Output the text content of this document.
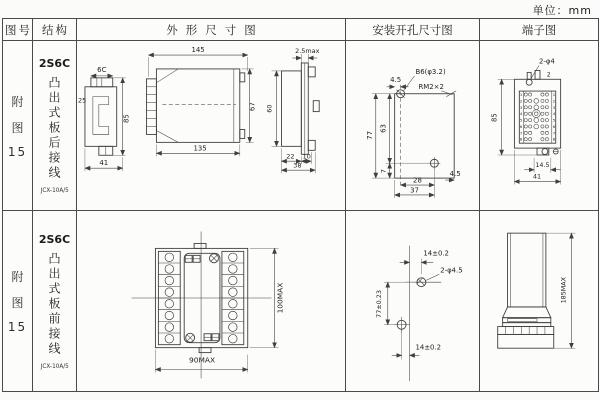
单位：mm
图号 结构	外形尺寸图	安装开孔尺寸图	端子图
附
图
15
2S6C
凸出式板后接线
JCX-10A/5
6C
85
25
41
145
135
67
2.5max
60
22 10
38
4.5
B6(φ3.2)
RM2×2
77
63
7
28
37
4.5
2-φ4
2
1	1
2	2
3	3
4	4
5	5
6	6
7	7
8	8
85
14.5
41
附
图
15
2S6C
凸出式板前接线
JCX-10A/5
100MAX
90MAX
14±0.2
2-φ4.5
77±0.23
14±0.2
185MAX
